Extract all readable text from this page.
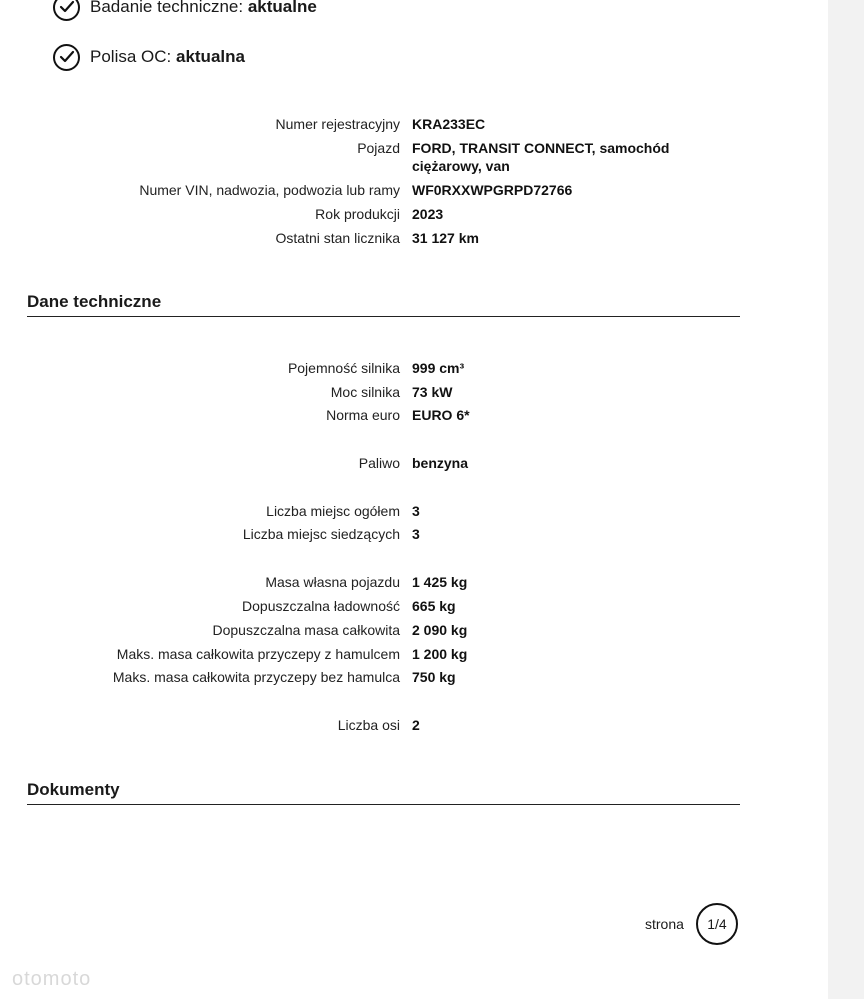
Badanie techniczne: aktualne
Polisa OC: aktualna
Numer rejestracyjny KRA233EC
Pojazd FORD, TRANSIT CONNECT, samochód ciężarowy, van
Numer VIN, nadwozia, podwozia lub ramy WF0RXXWPGRPD72766
Rok produkcji 2023
Ostatni stan licznika 31 127 km
Dane techniczne
Pojemność silnika 999 cm³
Moc silnika 73 kW
Norma euro EURO 6*
Paliwo benzyna
Liczba miejsc ogółem 3
Liczba miejsc siedzących 3
Masa własna pojazdu 1 425 kg
Dopuszczalna ładowność 665 kg
Dopuszczalna masa całkowita 2 090 kg
Maks. masa całkowita przyczepy z hamulcem 1 200 kg
Maks. masa całkowita przyczepy bez hamulca 750 kg
Liczba osi 2
Dokumenty
strona	1/4
otomoto
